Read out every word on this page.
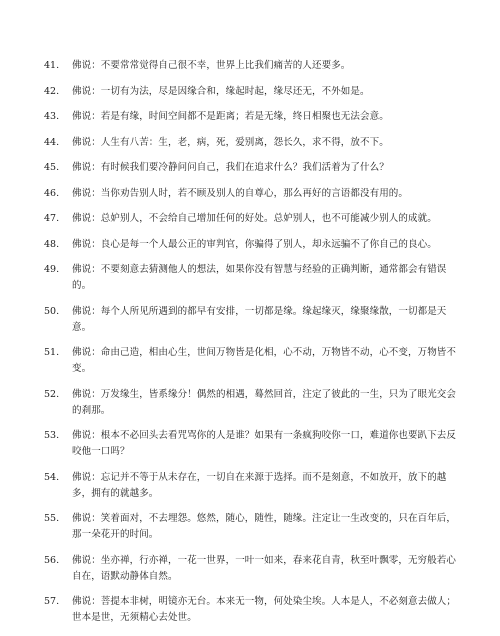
41.	佛说：不要常常觉得自己很不幸，世界上比我们痛苦的人还要多。
42.	佛说：一切有为法，尽是因缘合和，缘起时起，缘尽还无，不外如是。
43.	佛说：若是有缘，时间空间都不是距离；若是无缘，终日相聚也无法会意。
44.	佛说：人生有八苦：生，老，病，死，爱别离，怨长久，求不得，放不下。
45.	佛说：有时候我们要冷静问问自己，我们在追求什么？我们活着为了什么？
46.	佛说：当你劝告别人时，若不顾及别人的自尊心，那么再好的言语都没有用的。
47.	佛说：总妒别人，不会给自己增加任何的好处。总妒别人，也不可能减少别人的成就。
48.	佛说：良心是每一个人最公正的审判官，你骗得了别人，却永远骗不了你自己的良心。
49.	佛说：不要刻意去猜测他人的想法，如果你没有智慧与经验的正确判断，通常都会有错误的。
50.	佛说：每个人所见所遇到的都早有安排，一切都是缘。缘起缘灭，缘聚缘散，一切都是天意。
51.	佛说：命由己造，相由心生，世间万物皆是化相，心不动，万物皆不动，心不变，万物皆不变。
52.	佛说：万发缘生，皆系缘分！偶然的相遇，蓦然回首，注定了彼此的一生，只为了眼光交会的刹那。
53.	佛说：根本不必回头去看咒骂你的人是谁？如果有一条疯狗咬你一口，难道你也要趴下去反咬他一口吗？
54.	佛说：忘记并不等于从未存在，一切自在来源于选择。而不是刻意，不如放开，放下的越多，拥有的就越多。
55.	佛说：笑着面对，不去埋怨。悠然，随心，随性，随缘。注定让一生改变的，只在百年后，那一朵花开的时间。
56.	佛说：坐亦禅，行亦禅，一花一世界，一叶一如来，春来花自青，秋至叶飘零，无穷般若心自在，语默动静体自然。
57.	佛说：菩提本非树，明镜亦无台。本来无一物，何处染尘埃。人本是人，不必刻意去做人；世本是世，无须精心去处世。
